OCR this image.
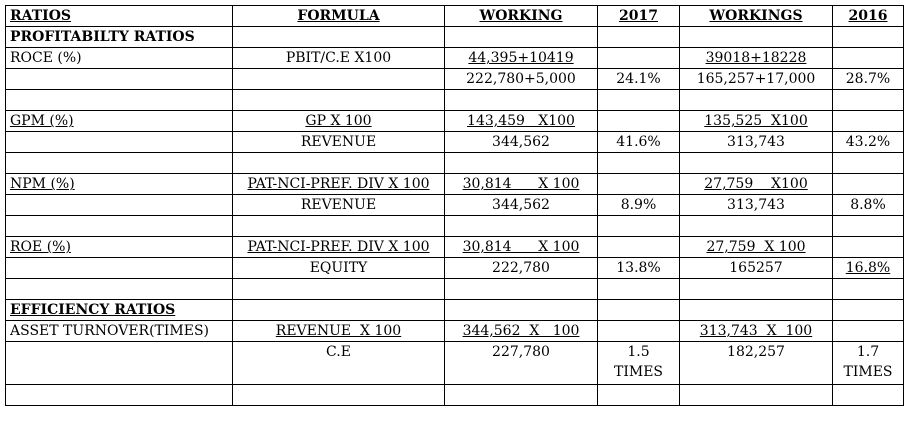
RATIOS	FORMULA	WORKING	2017	WORKINGS	2016
PROFITABILTY RATIOS					
ROCE (%)	PBIT/C.E X100	44,395+10419		39018+18228	
		222,780+5,000	24.1%	165,257+17,000	28.7%

GPM (%)	GP X 100	143,459   X100		135,525  X100	
	REVENUE	344,562	41.6%	313,743	43.2%

NPM (%)	PAT-NCI-PREF. DIV X 100	30,814      X 100		27,759    X100	
	REVENUE	344,562	8.9%	313,743	8.8%

ROE (%)	PAT-NCI-PREF. DIV X 100	30,814      X 100		27,759  X 100	
	EQUITY	222,780	13.8%	165257	16.8%

EFFICIENCY RATIOS					
ASSET TURNOVER(TIMES)	REVENUE  X 100	344,562  X   100		313,743  X  100	
	C.E	227,780	1.5 TIMES	182,257	1.7 TIMES
